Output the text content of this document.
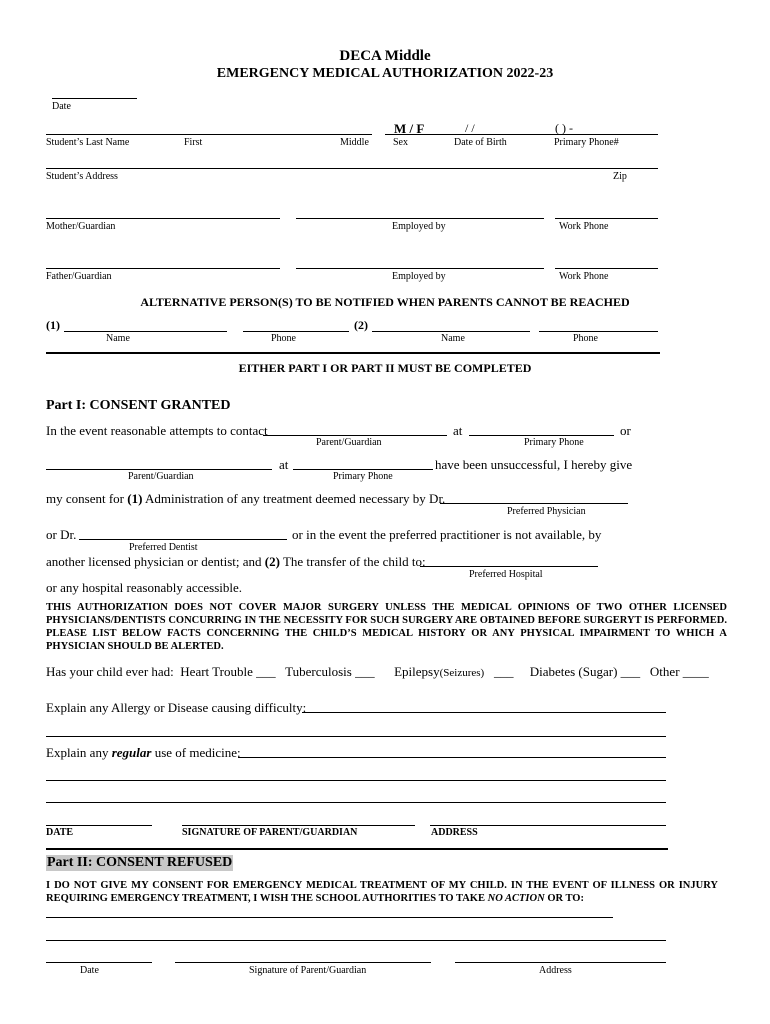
DECA Middle
EMERGENCY MEDICAL AUTHORIZATION 2022-23
Date
M / F	/ /	( ) -
Student’s Last Name	First	Middle Sex	Date of Birth	Primary Phone#
Student’s Address	Zip
Mother/Guardian	Employed by	Work Phone
Father/Guardian	Employed by	Work Phone
ALTERNATIVE PERSON(S) TO BE NOTIFIED WHEN PARENTS CANNOT BE REACHED
(1)	(2)
Name	Phone	Name	Phone
EITHER PART I OR PART II MUST BE COMPLETED
Part I: CONSENT GRANTED
In the event reasonable attempts to contact	at	or
Parent/Guardian	Primary Phone
at	have been unsuccessful, I hereby give
Parent/Guardian	Primary Phone
my consent for (1) Administration of any treatment deemed necessary by Dr.
Preferred Physician
or Dr.	or in the event the preferred practitioner is not available, by
Preferred Dentist
another licensed physician or dentist; and (2) The transfer of the child to:
Preferred Hospital
or any hospital reasonably accessible.
THIS AUTHORIZATION DOES NOT COVER MAJOR SURGERY UNLESS THE MEDICAL OPINIONS OF TWO OTHER LICENSED PHYSICIANS/DENTISTS CONCURRING IN THE NECESSITY FOR SUCH SURGERY ARE OBTAINED BEFORE SURGERYT IS PERFORMED. PLEASE LIST BELOW FACTS CONCERNING THE CHILD’S MEDICAL HISTORY OR ANY PHYSICAL IMPAIRMENT TO WHICH A PHYSICIAN SHOULD BE ALERTED.
Has your child ever had: Heart Trouble ___ Tuberculosis ___ Epilepsy(Seizures) ___ Diabetes (Sugar) ___ Other ____
Explain any Allergy or Disease causing difficulty:
Explain any regular use of medicine:
DATE	SIGNATURE OF PARENT/GUARDIAN	ADDRESS
Part II: CONSENT REFUSED
I DO NOT GIVE MY CONSENT FOR EMERGENCY MEDICAL TREATMENT OF MY CHILD. IN THE EVENT OF ILLNESS OR INJURY REQUIRING EMERGENCY TREATMENT, I WISH THE SCHOOL AUTHORITIES TO TAKE NO ACTION OR TO:
Date	Signature of Parent/Guardian	Address
